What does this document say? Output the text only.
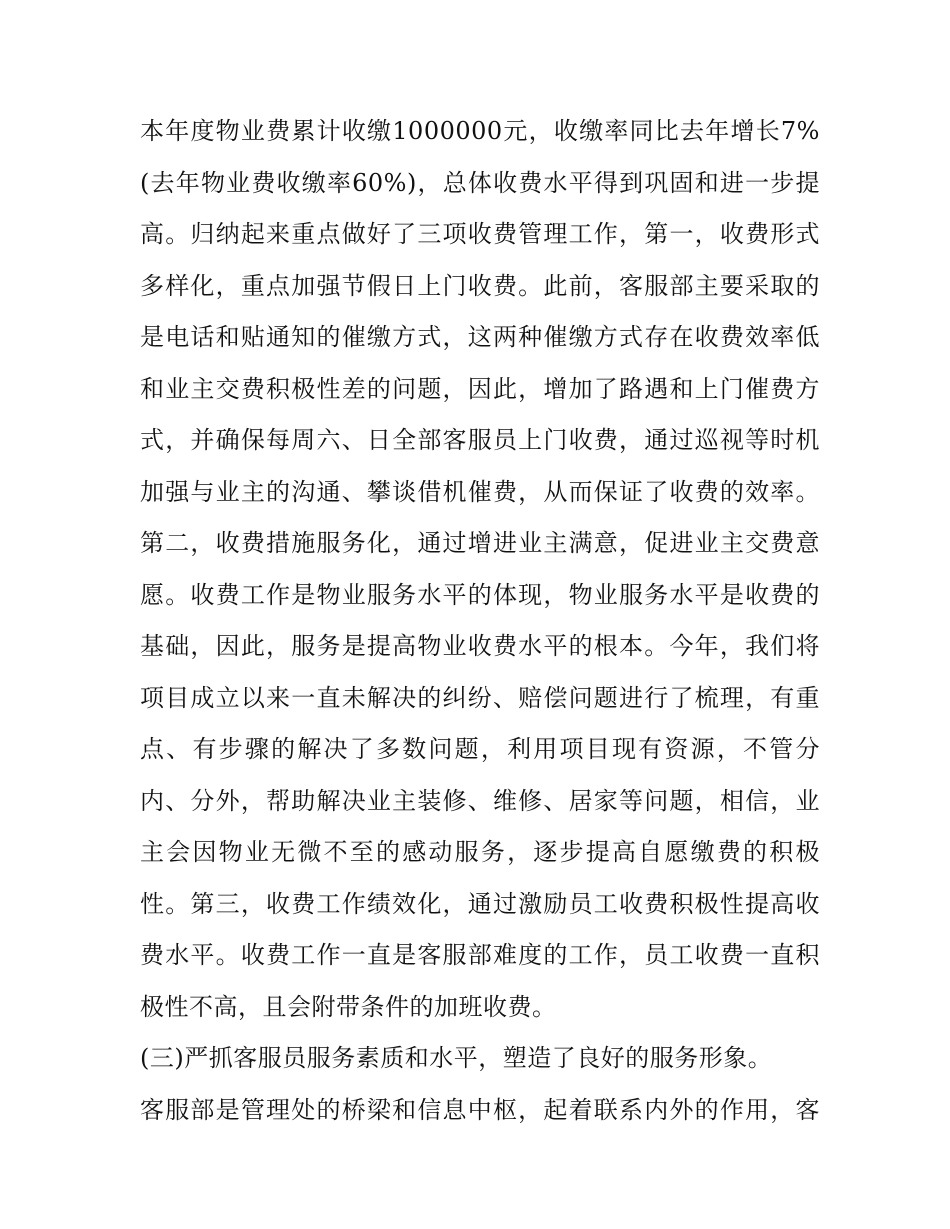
本年度物业费累计收缴1000000元，收缴率同比去年增长7%
(去年物业费收缴率60%)，总体收费水平得到巩固和进一步提
高。归纳起来重点做好了三项收费管理工作，第一，收费形式
多样化，重点加强节假日上门收费。此前，客服部主要采取的
是电话和贴通知的催缴方式，这两种催缴方式存在收费效率低
和业主交费积极性差的问题，因此，增加了路遇和上门催费方
式，并确保每周六、日全部客服员上门收费，通过巡视等时机
加强与业主的沟通、攀谈借机催费，从而保证了收费的效率。
第二，收费措施服务化，通过增进业主满意，促进业主交费意
愿。收费工作是物业服务水平的体现，物业服务水平是收费的
基础，因此，服务是提高物业收费水平的根本。今年，我们将
项目成立以来一直未解决的纠纷、赔偿问题进行了梳理，有重
点、有步骤的解决了多数问题，利用项目现有资源，不管分
内、分外，帮助解决业主装修、维修、居家等问题，相信，业
主会因物业无微不至的感动服务，逐步提高自愿缴费的积极
性。第三，收费工作绩效化，通过激励员工收费积极性提高收
费水平。收费工作一直是客服部难度的工作，员工收费一直积
极性不高，且会附带条件的加班收费。
(三)严抓客服员服务素质和水平，塑造了良好的服务形象。
客服部是管理处的桥梁和信息中枢，起着联系内外的作用，客
